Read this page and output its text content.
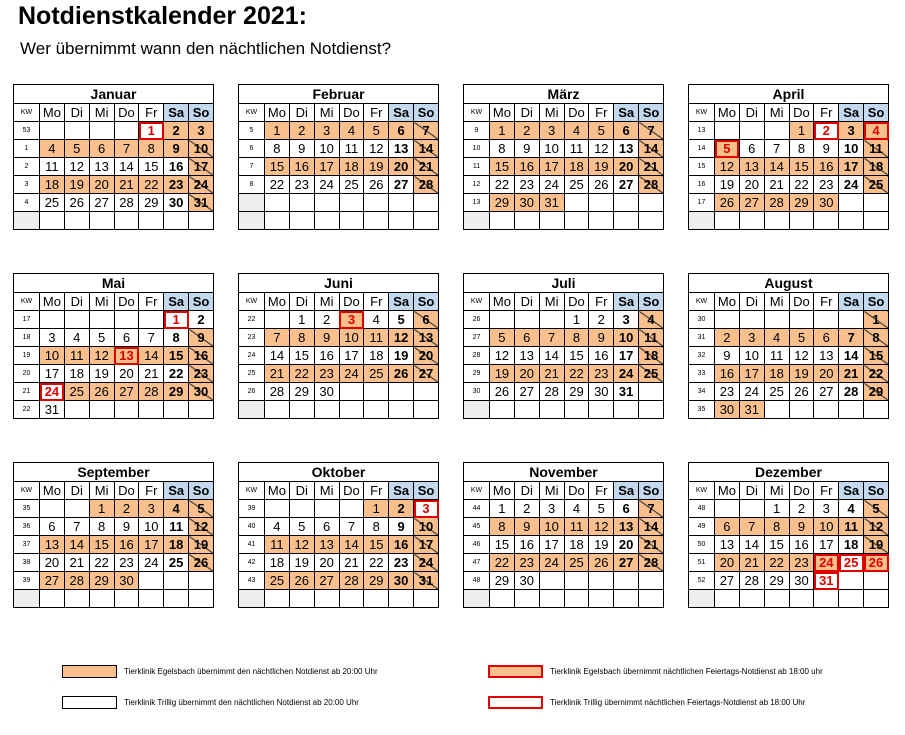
Notdienstkalender 2021:
Wer übernimmt wann den nächtlichen Notdienst?
Januar
KW	Mo	Di	Mi	Do	Fr	Sa	So
53					1	2	3
1	4	5	6	7	8	9	10
2	11	12	13	14	15	16	17
3	18	19	20	21	22	23	24
4	25	26	27	28	29	30	31

Februar
KW	Mo	Di	Mi	Do	Fr	Sa	So
5	1	2	3	4	5	6	7
6	8	9	10	11	12	13	14
7	15	16	17	18	19	20	21
8	22	23	24	25	26	27	28

März
KW	Mo	Di	Mi	Do	Fr	Sa	So
9	1	2	3	4	5	6	7
10	8	9	10	11	12	13	14
11	15	16	17	18	19	20	21
12	22	23	24	25	26	27	28
13	29	30	31				

April
KW	Mo	Di	Mi	Do	Fr	Sa	So
13				1	2	3	4
14	5	6	7	8	9	10	11
15	12	13	14	15	16	17	18
16	19	20	21	22	23	24	25
17	26	27	28	29	30		

Mai
KW	Mo	Di	Mi	Do	Fr	Sa	So
17						1	2
18	3	4	5	6	7	8	9
19	10	11	12	13	14	15	16
20	17	18	19	20	21	22	23
21	24	25	26	27	28	29	30
22	31						
Juni
KW	Mo	Di	Mi	Do	Fr	Sa	So
22		1	2	3	4	5	6
23	7	8	9	10	11	12	13
24	14	15	16	17	18	19	20
25	21	22	23	24	25	26	27
26	28	29	30				

Juli
KW	Mo	Di	Mi	Do	Fr	Sa	So
26				1	2	3	4
27	5	6	7	8	9	10	11
28	12	13	14	15	16	17	18
29	19	20	21	22	23	24	25
30	26	27	28	29	30	31	

August
KW	Mo	Di	Mi	Do	Fr	Sa	So
30							1
31	2	3	4	5	6	7	8
32	9	10	11	12	13	14	15
33	16	17	18	19	20	21	22
34	23	24	25	26	27	28	29
35	30	31					
September
KW	Mo	Di	Mi	Do	Fr	Sa	So
35			1	2	3	4	5
36	6	7	8	9	10	11	12
37	13	14	15	16	17	18	19
38	20	21	22	23	24	25	26
39	27	28	29	30			

Oktober
KW	Mo	Di	Mi	Do	Fr	Sa	So
39					1	2	3
40	4	5	6	7	8	9	10
41	11	12	13	14	15	16	17
42	18	19	20	21	22	23	24
43	25	26	27	28	29	30	31

November
KW	Mo	Di	Mi	Do	Fr	Sa	So
44	1	2	3	4	5	6	7
45	8	9	10	11	12	13	14
46	15	16	17	18	19	20	21
47	22	23	24	25	26	27	28
48	29	30					

Dezember
KW	Mo	Di	Mi	Do	Fr	Sa	So
48			1	2	3	4	5
49	6	7	8	9	10	11	12
50	13	14	15	16	17	18	19
51	20	21	22	23	24	25	26
52	27	28	29	30	31		

Tierklinik Egelsbach übernimmt den nächtlichen Notdienst ab 20:00 Uhr	Tierklinik Egelsbach übernimmt nächtlichen Feiertags-Notdienst ab 18:00 uhr
Tierklinik Trillig übernimmt den nächtlichen Notdienst ab 20:00 Uhr	Tierklinik Trillig übernimmt nächtlichen Feiertags-Notdienst ab 18:00 Uhr
